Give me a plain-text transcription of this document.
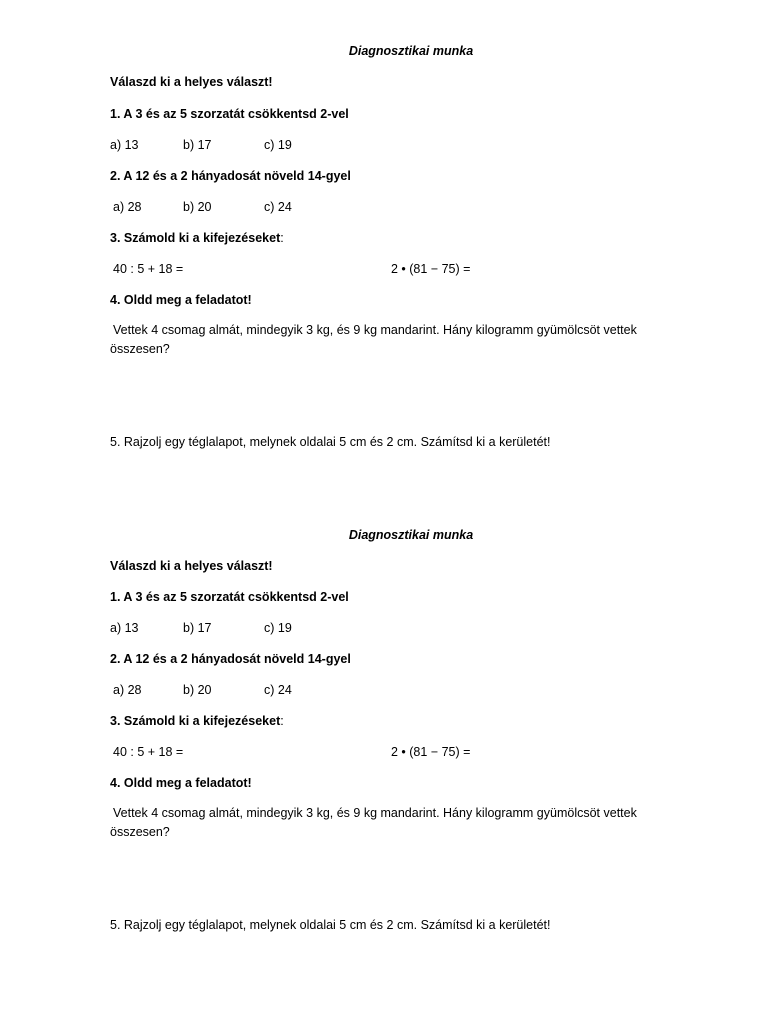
Diagnosztikai munka
Válaszd ki a helyes választ!
1. A 3 és az 5 szorzatát csökkentsd 2-vel
a) 13	b) 17	c) 19
2. A 12 és a 2 hányadosát növeld 14-gyel
a) 28	b) 20	c) 24
3. Számold ki a kifejezéseket:
40 : 5 + 18 =	2 • (81 − 75) =
4. Oldd meg a feladatot!
Vettek 4 csomag almát, mindegyik 3 kg, és 9 kg mandarint. Hány kilogramm gyümölcsöt vettek összesen?
5. Rajzolj egy téglalapot, melynek oldalai 5 cm és 2 cm. Számítsd ki a kerületét!
Diagnosztikai munka
Válaszd ki a helyes választ!
1. A 3 és az 5 szorzatát csökkentsd 2-vel
a) 13	b) 17	c) 19
2. A 12 és a 2 hányadosát növeld 14-gyel
a) 28	b) 20	c) 24
3. Számold ki a kifejezéseket:
40 : 5 + 18 =	2 • (81 − 75) =
4. Oldd meg a feladatot!
Vettek 4 csomag almát, mindegyik 3 kg, és 9 kg mandarint. Hány kilogramm gyümölcsöt vettek összesen?
5. Rajzolj egy téglalapot, melynek oldalai 5 cm és 2 cm. Számítsd ki a kerületét!
